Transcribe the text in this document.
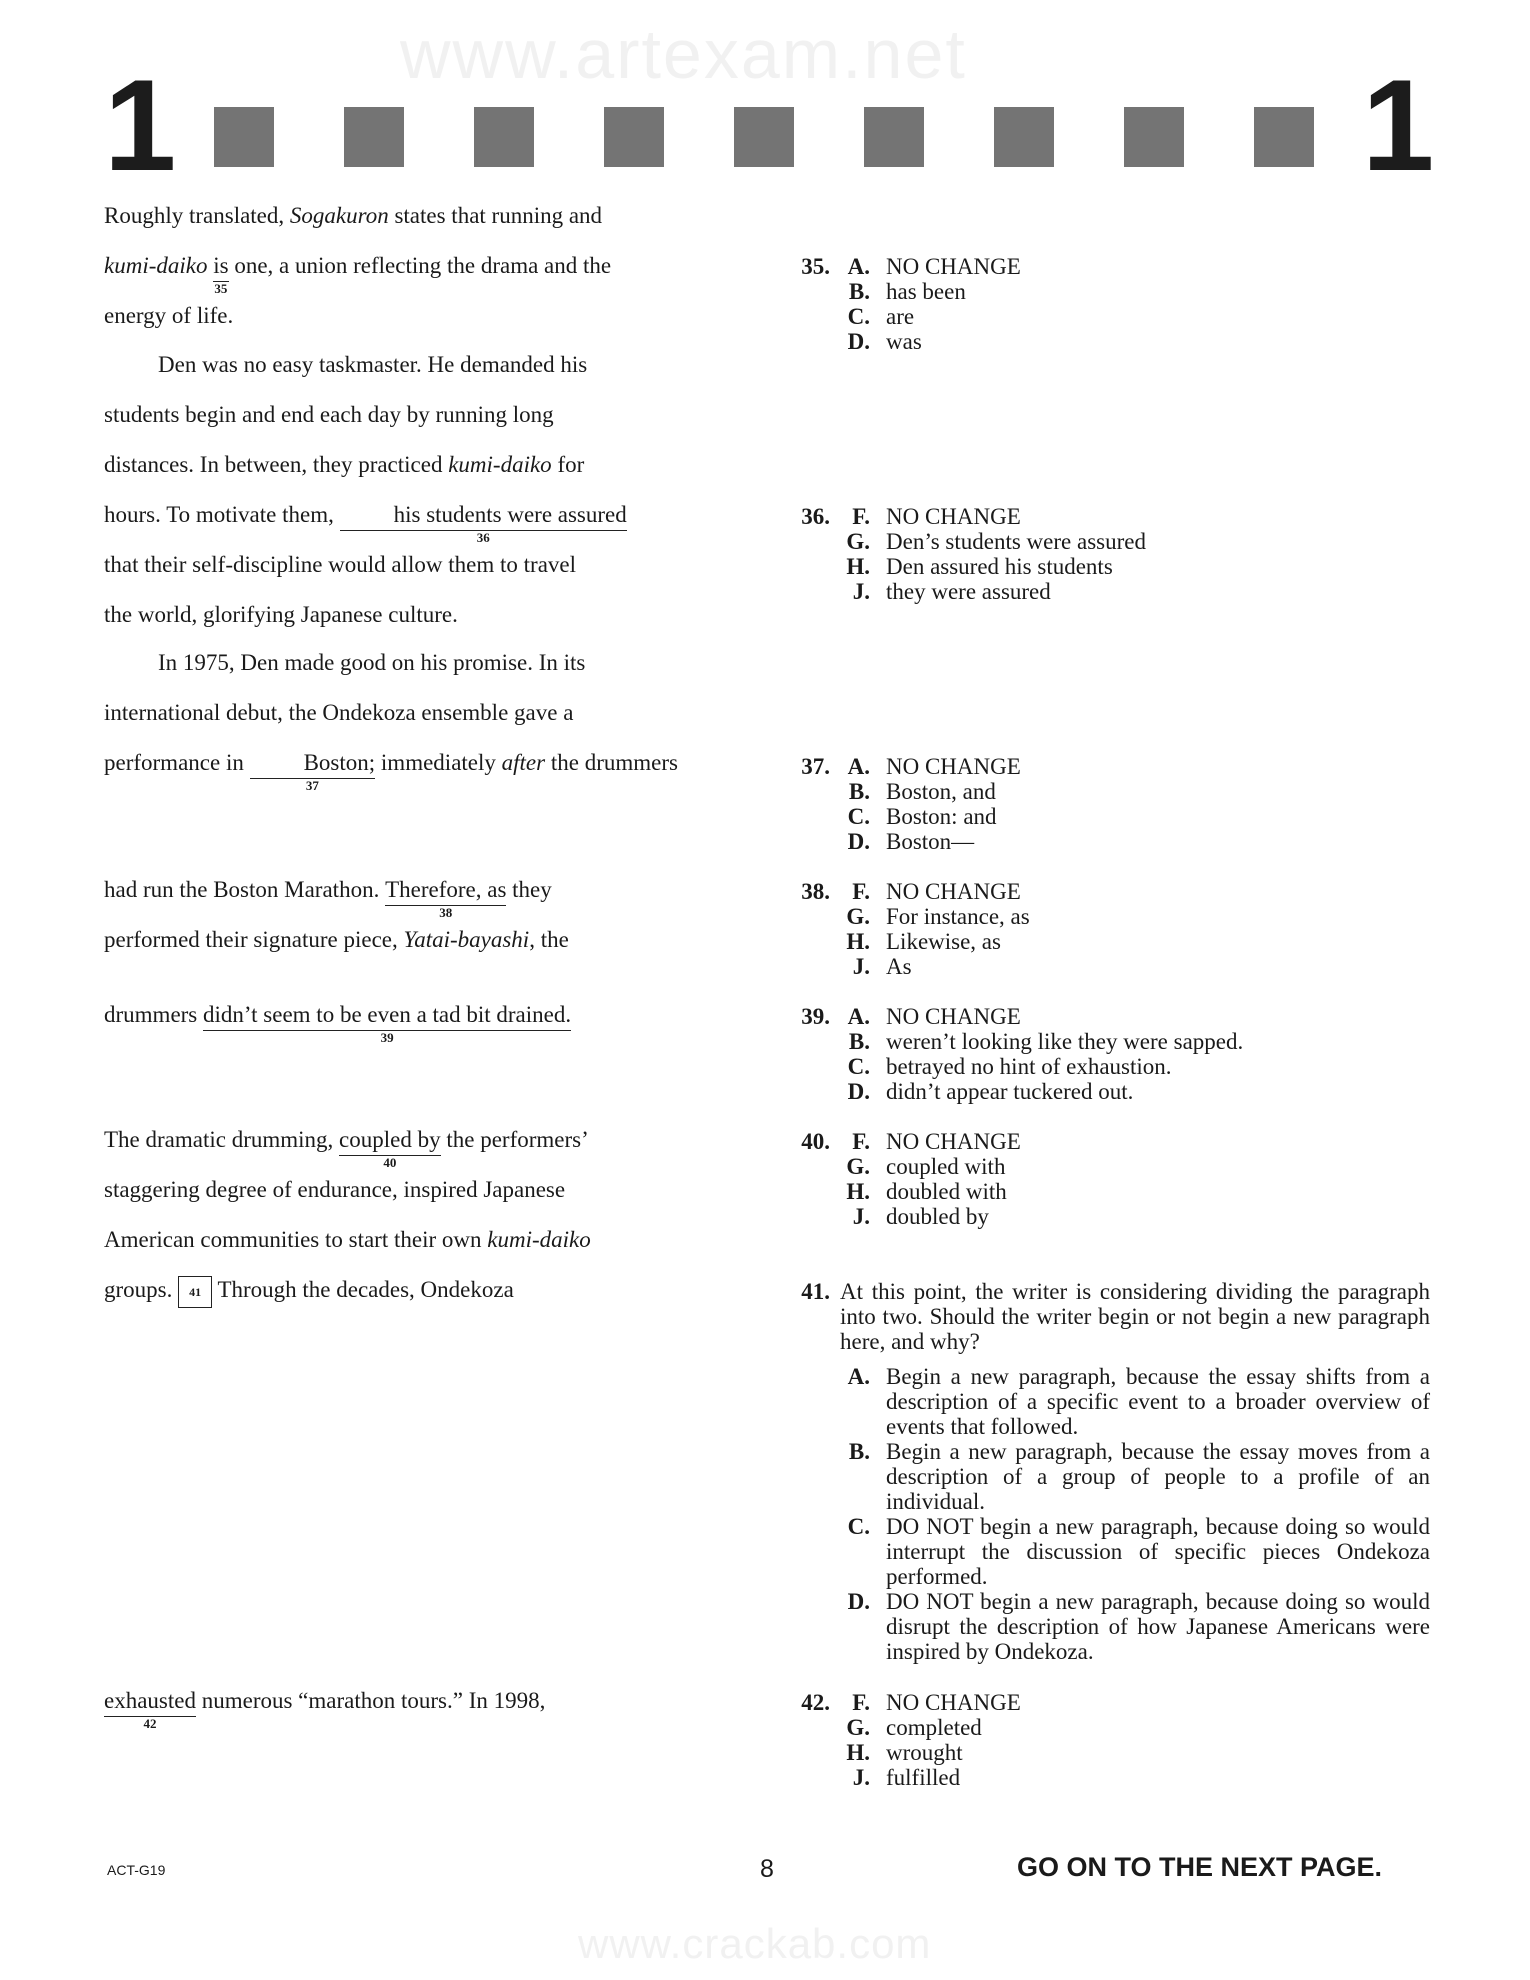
www.artexam.net
1	1
Roughly translated, Sogakuron states that running and
kumi-daiko is
35
one, a union reflecting the drama and the
energy of life.
Den was no easy taskmaster. He demanded his
students begin and end each day by running long
distances. In between, they practiced kumi-daiko for
hours. To motivate them, his students were assured
36

that their self-discipline would allow them to travel
the world, glorifying Japanese culture.
In 1975, Den made good on his promise. In its
international debut, the Ondekoza ensemble gave a
performance in Boston;
37
immediately after the drummers
had run the Boston Marathon. Therefore, as
38
they
performed their signature piece, Yatai-bayashi, the
drummers didn’t seem to be even a tad bit drained.
39
The dramatic drumming, coupled by
40
the performers’
staggering degree of endurance, inspired Japanese
American communities to start their own kumi-daiko
groups. 41 Through the decades, Ondekoza
exhausted
42
numerous “marathon tours.” In 1998,
35. A. NO CHANGE
B. has been
C. are
D. was
36. F. NO CHANGE
G. Den’s students were assured
H. Den assured his students
J. they were assured
37. A. NO CHANGE
B. Boston, and
C. Boston: and
D. Boston—
38. F. NO CHANGE
G. For instance, as
H. Likewise, as
J. As
39. A. NO CHANGE
B. weren’t looking like they were sapped.
C. betrayed no hint of exhaustion.
D. didn’t appear tuckered out.
40. F. NO CHANGE
G. coupled with
H. doubled with
J. doubled by
41. At this point, the writer is considering dividing the paragraph into two. Should the writer begin or not begin a new paragraph here, and why?
A. Begin a new paragraph, because the essay shifts from a description of a specific event to a broader overview of events that followed.
B. Begin a new paragraph, because the essay moves from a description of a group of people to a profile of an individual.
C. DO NOT begin a new paragraph, because doing so would interrupt the discussion of specific pieces Ondekoza performed.
D. DO NOT begin a new paragraph, because doing so would disrupt the description of how Japanese Americans were inspired by Ondekoza.
42. F. NO CHANGE
G. completed
H. wrought
J. fulfilled
ACT-G19	8	GO ON TO THE NEXT PAGE.
www.crackab.com
